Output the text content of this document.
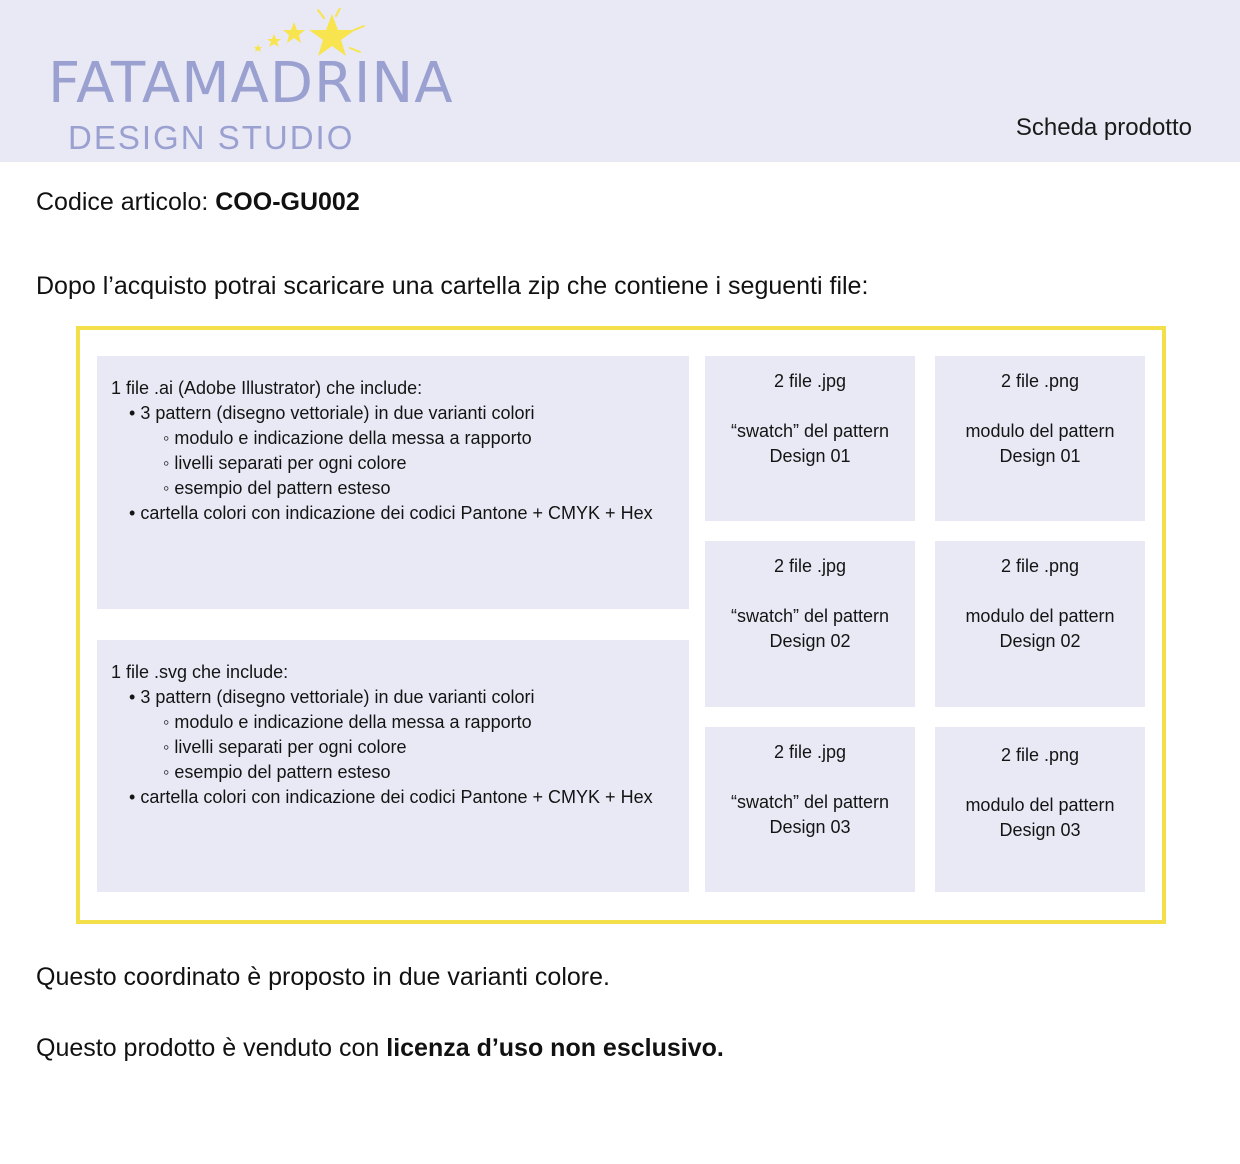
FATAMADRINA
DESIGN STUDIO	Scheda prodotto
Codice articolo: COO-GU002
Dopo l’acquisto potrai scaricare una cartella zip che contiene i seguenti file:
1 file .ai (Adobe Illustrator) che include:
• 3 pattern (disegno vettoriale) in due varianti colori
◦ modulo e indicazione della messa a rapporto
◦ livelli separati per ogni colore
◦ esempio del pattern esteso
• cartella colori con indicazione dei codici Pantone + CMYK + Hex
1 file .svg che include:
• 3 pattern (disegno vettoriale) in due varianti colori
◦ modulo e indicazione della messa a rapporto
◦ livelli separati per ogni colore
◦ esempio del pattern esteso
• cartella colori con indicazione dei codici Pantone + CMYK + Hex
2 file .jpg
“swatch” del pattern
Design 01
2 file .png
modulo del pattern
Design 01
2 file .jpg
“swatch” del pattern
Design 02
2 file .png
modulo del pattern
Design 02
2 file .jpg
“swatch” del pattern
Design 03
2 file .png
modulo del pattern
Design 03
Questo coordinato è proposto in due varianti colore.
Questo prodotto è venduto con licenza d’uso non esclusivo.
